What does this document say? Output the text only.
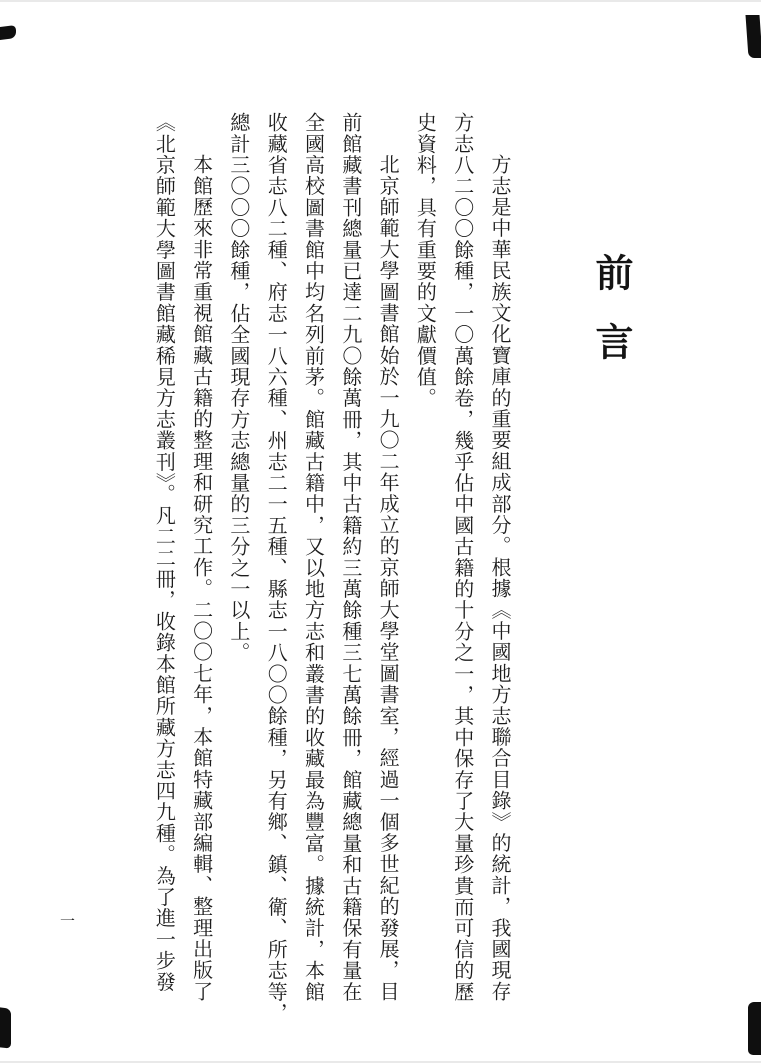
前言

方志是中華民族文化寶庫的重要組成部分。根據《中國地方志聯合目錄》的統計，我國現存

方志八二〇〇餘種，一〇萬餘卷，幾乎佔中國古籍的十分之一，其中保存了大量珍貴而可信的歷

史資料，具有重要的文獻價值。

北京師範大學圖書館始於一九〇二年成立的京師大學堂圖書室，經過一個多世紀的發展，目

前館藏書刊總量已達二九〇餘萬冊，其中古籍約三萬餘種三七萬餘冊，館藏總量和古籍保有量在

全國高校圖書館中均名列前茅。館藏古籍中，又以地方志和叢書的收藏最為豐富。據統計，本館

收藏省志八二種、府志一八六種、州志二一五種、縣志一八〇〇餘種，另有鄉、鎮、衛、所志等，

總計三〇〇〇餘種，佔全國現存方志總量的三分之一以上。

本館歷來非常重視館藏古籍的整理和研究工作。二〇〇七年，本館特藏部編輯、整理出版了

《北京師範大學圖書館藏稀見方志叢刊》。凡二二冊，收錄本館所藏方志四九種。為了進一步發

一
